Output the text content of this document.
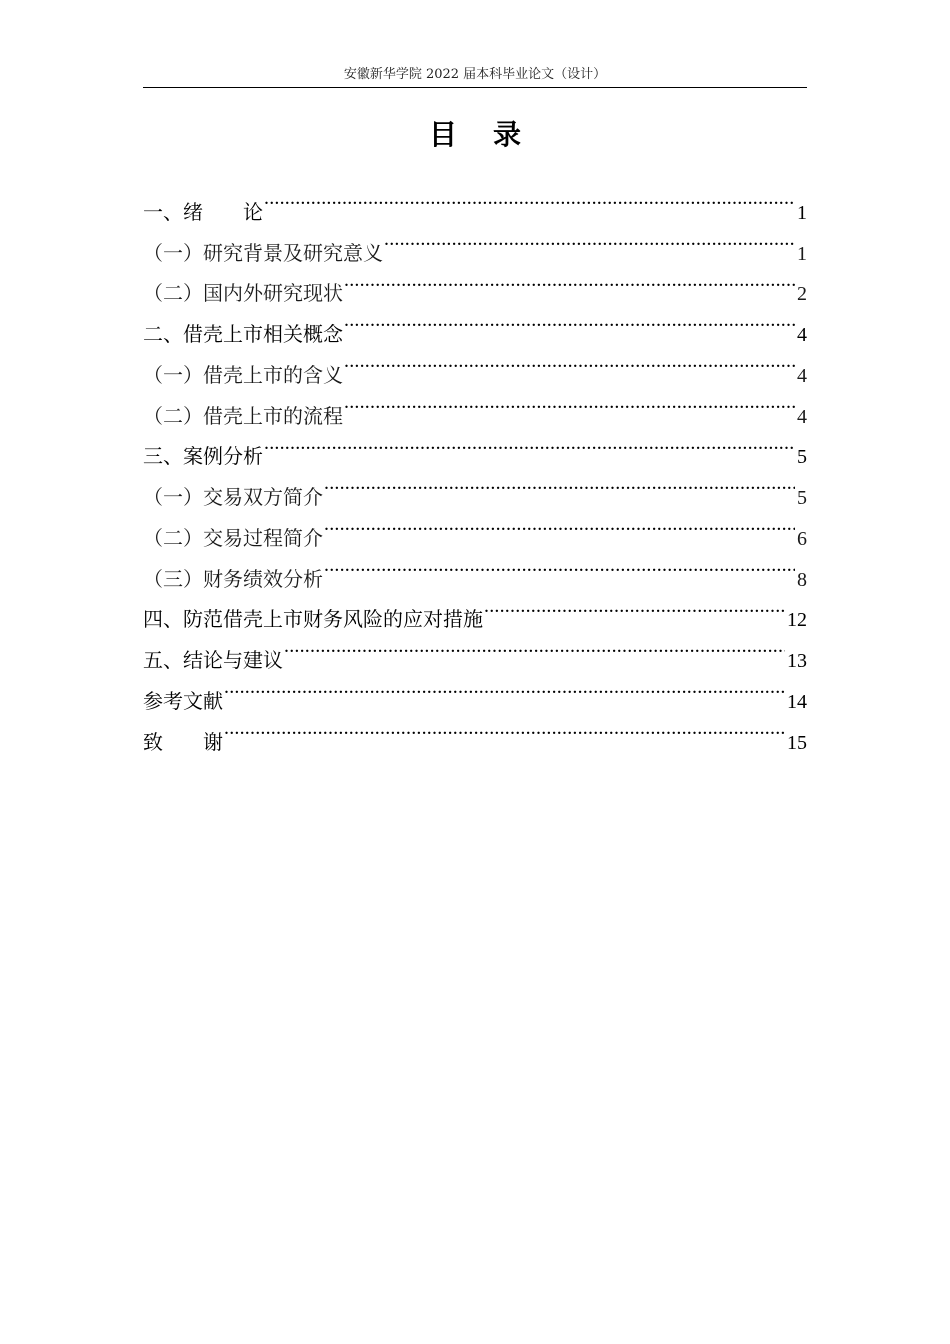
安徽新华学院 2022 届本科毕业论文（设计）
目录
一、绪　　论 .....	1
（一）研究背景及研究意义 .....	1
（二）国内外研究现状 .....	2
二、借壳上市相关概念 .....	4
（一）借壳上市的含义 .....	4
（二）借壳上市的流程 .....	4
三、案例分析 .....	5
（一）交易双方简介 .....	5
（二）交易过程简介 .....	6
（三）财务绩效分析 .....	8
四、防范借壳上市财务风险的应对措施 .....	12
五、结论与建议 .....	13
参考文献 .....	14
致　　谢 .....	15
